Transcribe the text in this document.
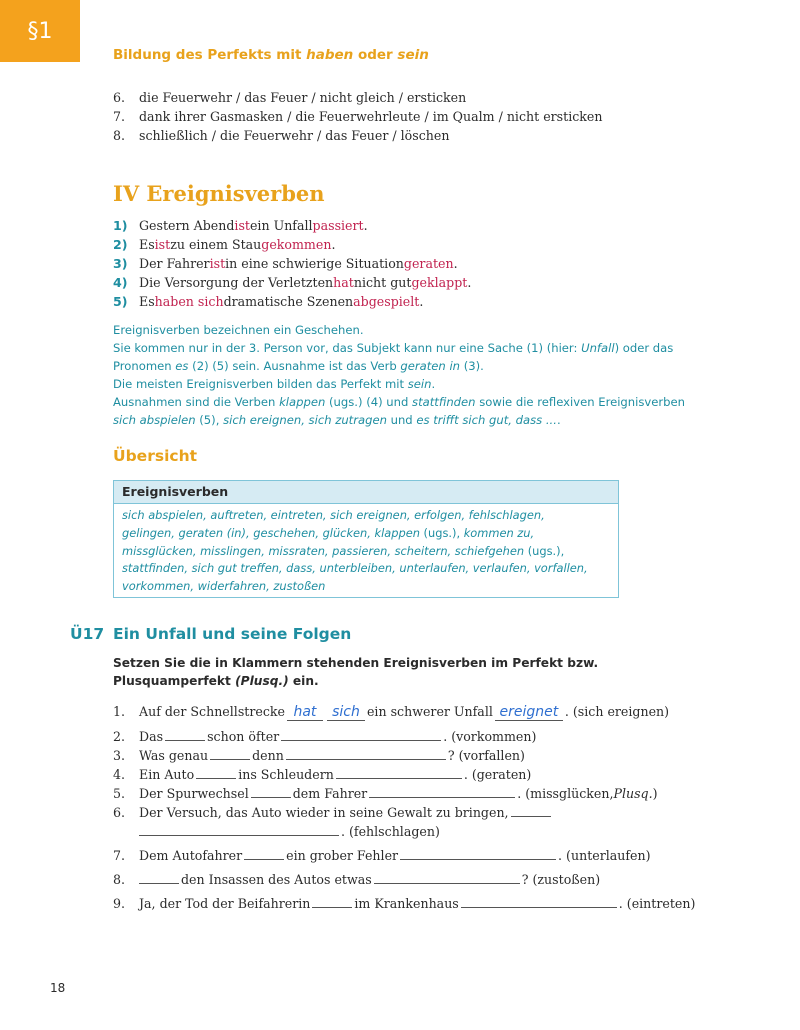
§1
Bildung des Perfekts mit haben oder sein
6.	die Feuerwehr / das Feuer / nicht gleich / ersticken
7.	dank ihrer Gasmasken / die Feuerwehrleute / im Qualm / nicht ersticken
8.	schließlich / die Feuerwehr / das Feuer / löschen
IV Ereignisverben
1) Gestern Abend ist ein Unfall passiert .
2) Es ist zu einem Stau gekommen .
3) Der Fahrer ist in eine schwierige Situation geraten .
4) Die Versorgung der Verletzten hat nicht gut geklappt .
5) Es haben sich dramatische Szenen abgespielt .

Ereignisverben bezeichnen ein Geschehen.

Sie kommen nur in der 3. Person vor, das Subjekt kann nur eine Sache (1) (hier: Unfall) oder das

Pronomen es (2) (5) sein. Ausnahme ist das Verb geraten in (3).

Die meisten Ereignisverben bilden das Perfekt mit sein.

Ausnahmen sind die Verben klappen (ugs.) (4) und stattfinden sowie die reflexiven Ereignisverben

sich abspielen (5), sich ereignen, sich zutragen und es trifft sich gut, dass ....

Übersicht
Ereignisverben
sich abspielen, auftreten, eintreten, sich ereignen, erfolgen, fehlschlagen,
gelingen, geraten (in), geschehen, glücken, klappen (ugs.), kommen zu,
missglücken, misslingen, missraten, passieren, scheitern, schiefgehen (ugs.),
stattfinden, sich gut treffen, dass, unterbleiben, unterlaufen, verlaufen, vorfallen,
vorkommen, widerfahren, zustoßen
Ü17 Ein Unfall und seine Folgen
Setzen Sie die in Klammern stehenden Ereignisverben im Perfekt bzw.
Plusquamperfekt (Plusq.) ein.
1.	Auf der Schnellstrecke hat	sich ein schwerer Unfall ereignet . (sich ereignen)
2.	Das	schon öfter	. (vorkommen)
3.	Was genau	denn	? (vorfallen)
4.	Ein Auto	ins Schleudern	. (geraten)
5.	Der Spurwechsel	dem Fahrer	. (missglücken, Plusq. )
6.	Der Versuch, das Auto wieder in seine Gewalt zu bringen,
. (fehlschlagen)
7.	Dem Autofahrer	ein grober Fehler	. (unterlaufen)
8.	den Insassen des Autos etwas	? (zustoßen)
9.	Ja, der Tod der Beifahrerin	im Krankenhaus	. (eintreten)
18
